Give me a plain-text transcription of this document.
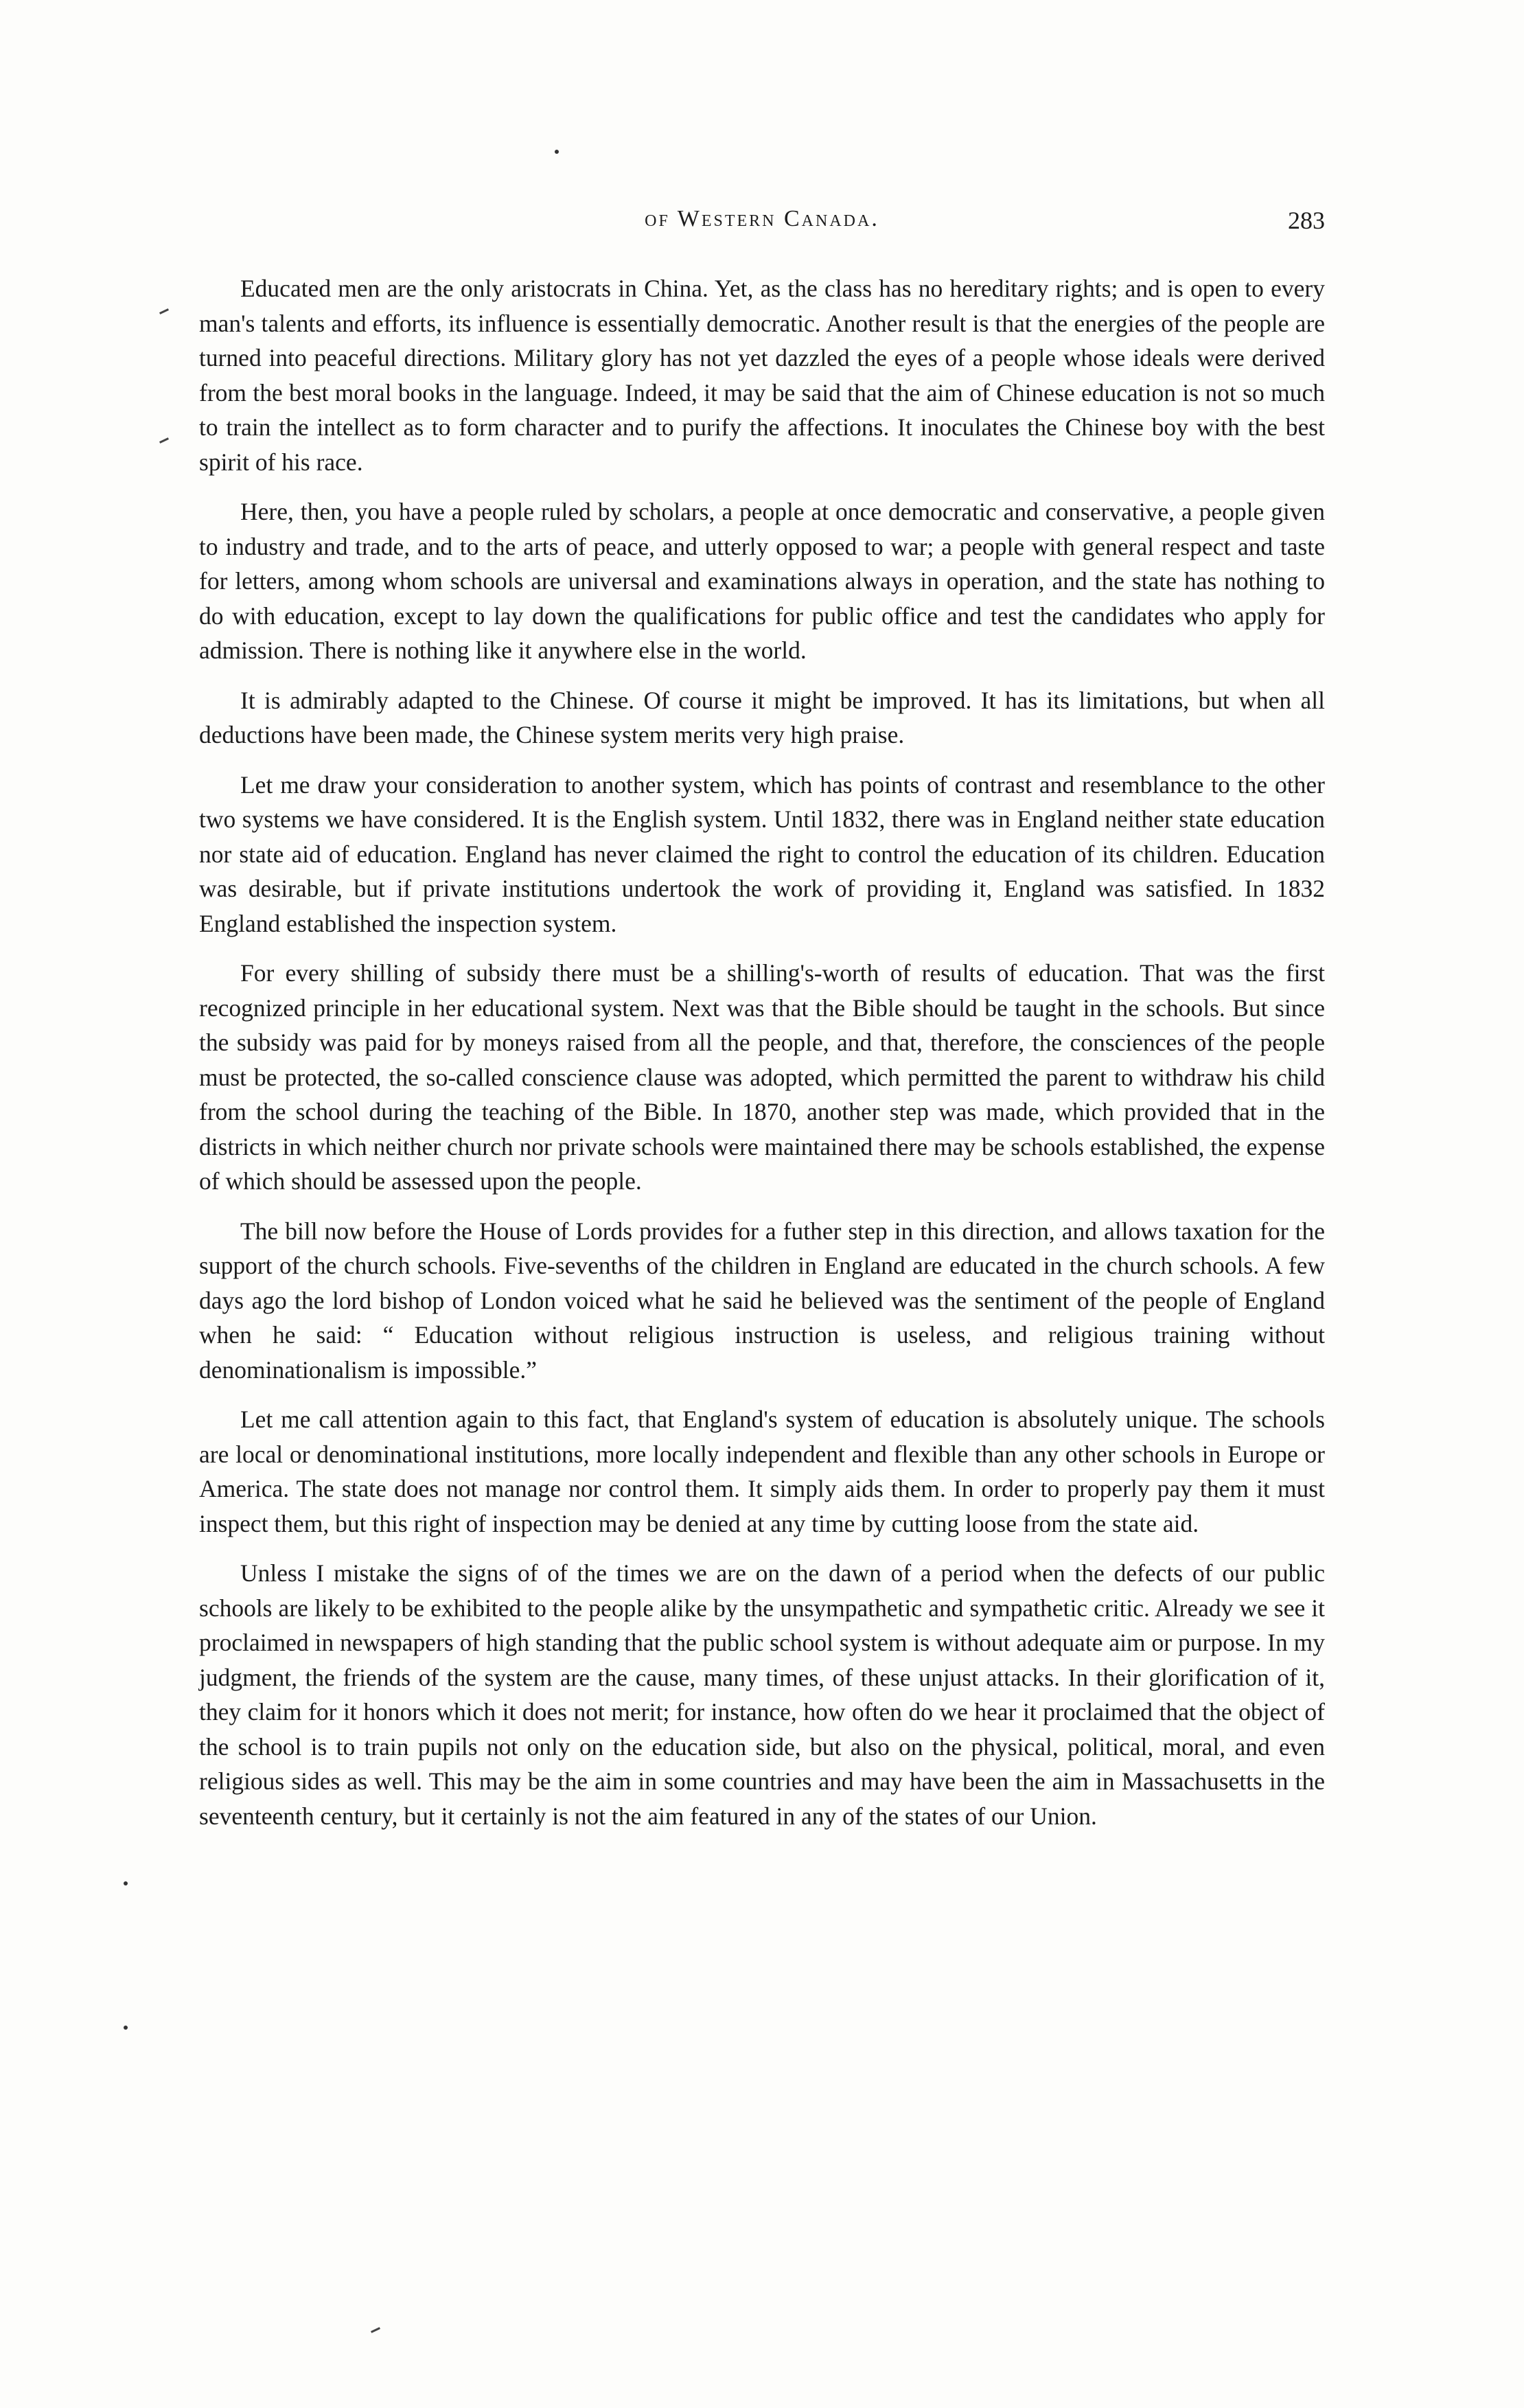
of Western Canada.	283

Educated men are the only aristocrats in China. Yet, as the class has no hereditary rights; and is open to every man's talents and efforts, its influence is essentially democratic. Another result is that the energies of the people are turned into peaceful directions. Military glory has not yet dazzled the eyes of a people whose ideals were derived from the best moral books in the language. Indeed, it may be said that the aim of Chinese education is not so much to train the intellect as to form character and to purify the affections. It inoculates the Chinese boy with the best spirit of his race.

Here, then, you have a people ruled by scholars, a people at once democratic and conservative, a people given to industry and trade, and to the arts of peace, and utterly opposed to war; a people with general respect and taste for letters, among whom schools are universal and examinations always in operation, and the state has nothing to do with education, except to lay down the qualifications for public office and test the candidates who apply for admission. There is nothing like it anywhere else in the world.

It is admirably adapted to the Chinese. Of course it might be improved. It has its limitations, but when all deductions have been made, the Chinese system merits very high praise.

Let me draw your consideration to another system, which has points of contrast and resemblance to the other two systems we have considered. It is the English system. Until 1832, there was in England neither state education nor state aid of education. England has never claimed the right to control the education of its children. Education was desirable, but if private institutions undertook the work of providing it, England was satisfied. In 1832 England established the inspection system.

For every shilling of subsidy there must be a shilling's-worth of results of education. That was the first recognized principle in her educational system. Next was that the Bible should be taught in the schools. But since the subsidy was paid for by moneys raised from all the people, and that, therefore, the consciences of the people must be protected, the so-called conscience clause was adopted, which permitted the parent to withdraw his child from the school during the teaching of the Bible. In 1870, another step was made, which provided that in the districts in which neither church nor private schools were maintained there may be schools established, the expense of which should be assessed upon the people.

The bill now before the House of Lords provides for a futher step in this direction, and allows taxation for the support of the church schools. Five-sevenths of the children in England are educated in the church schools. A few days ago the lord bishop of London voiced what he said he believed was the sentiment of the people of England when he said: “ Education without religious instruction is useless, and religious training without denominationalism is impossible.”

Let me call attention again to this fact, that England's system of education is absolutely unique. The schools are local or denominational institutions, more locally independent and flexible than any other schools in Europe or America. The state does not manage nor control them. It simply aids them. In order to properly pay them it must inspect them, but this right of inspection may be denied at any time by cutting loose from the state aid.

Unless I mistake the signs of of the times we are on the dawn of a period when the defects of our public schools are likely to be exhibited to the people alike by the unsympathetic and sympathetic critic. Already we see it proclaimed in newspapers of high standing that the public school system is without adequate aim or purpose. In my judgment, the friends of the system are the cause, many times, of these unjust attacks. In their glorification of it, they claim for it honors which it does not merit; for instance, how often do we hear it proclaimed that the object of the school is to train pupils not only on the education side, but also on the physical, political, moral, and even religious sides as well. This may be the aim in some countries and may have been the aim in Massachusetts in the seventeenth century, but it certainly is not the aim featured in any of the states of our Union.
